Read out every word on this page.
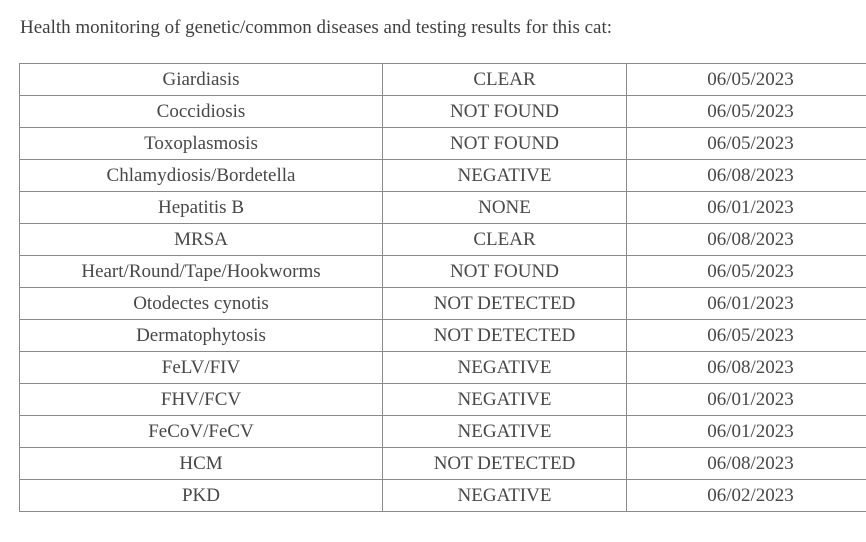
Health monitoring of genetic/common diseases and testing results for this cat:
Giardiasis	CLEAR	06/05/2023
Coccidiosis	NOT FOUND	06/05/2023
Toxoplasmosis	NOT FOUND	06/05/2023
Chlamydiosis/Bordetella	NEGATIVE	06/08/2023
Hepatitis B	NONE	06/01/2023
MRSA	CLEAR	06/08/2023
Heart/Round/Tape/Hookworms	NOT FOUND	06/05/2023
Otodectes cynotis	NOT DETECTED	06/01/2023
Dermatophytosis	NOT DETECTED	06/05/2023
FeLV/FIV	NEGATIVE	06/08/2023
FHV/FCV	NEGATIVE	06/01/2023
FeCoV/FeCV	NEGATIVE	06/01/2023
HCM	NOT DETECTED	06/08/2023
PKD	NEGATIVE	06/02/2023
